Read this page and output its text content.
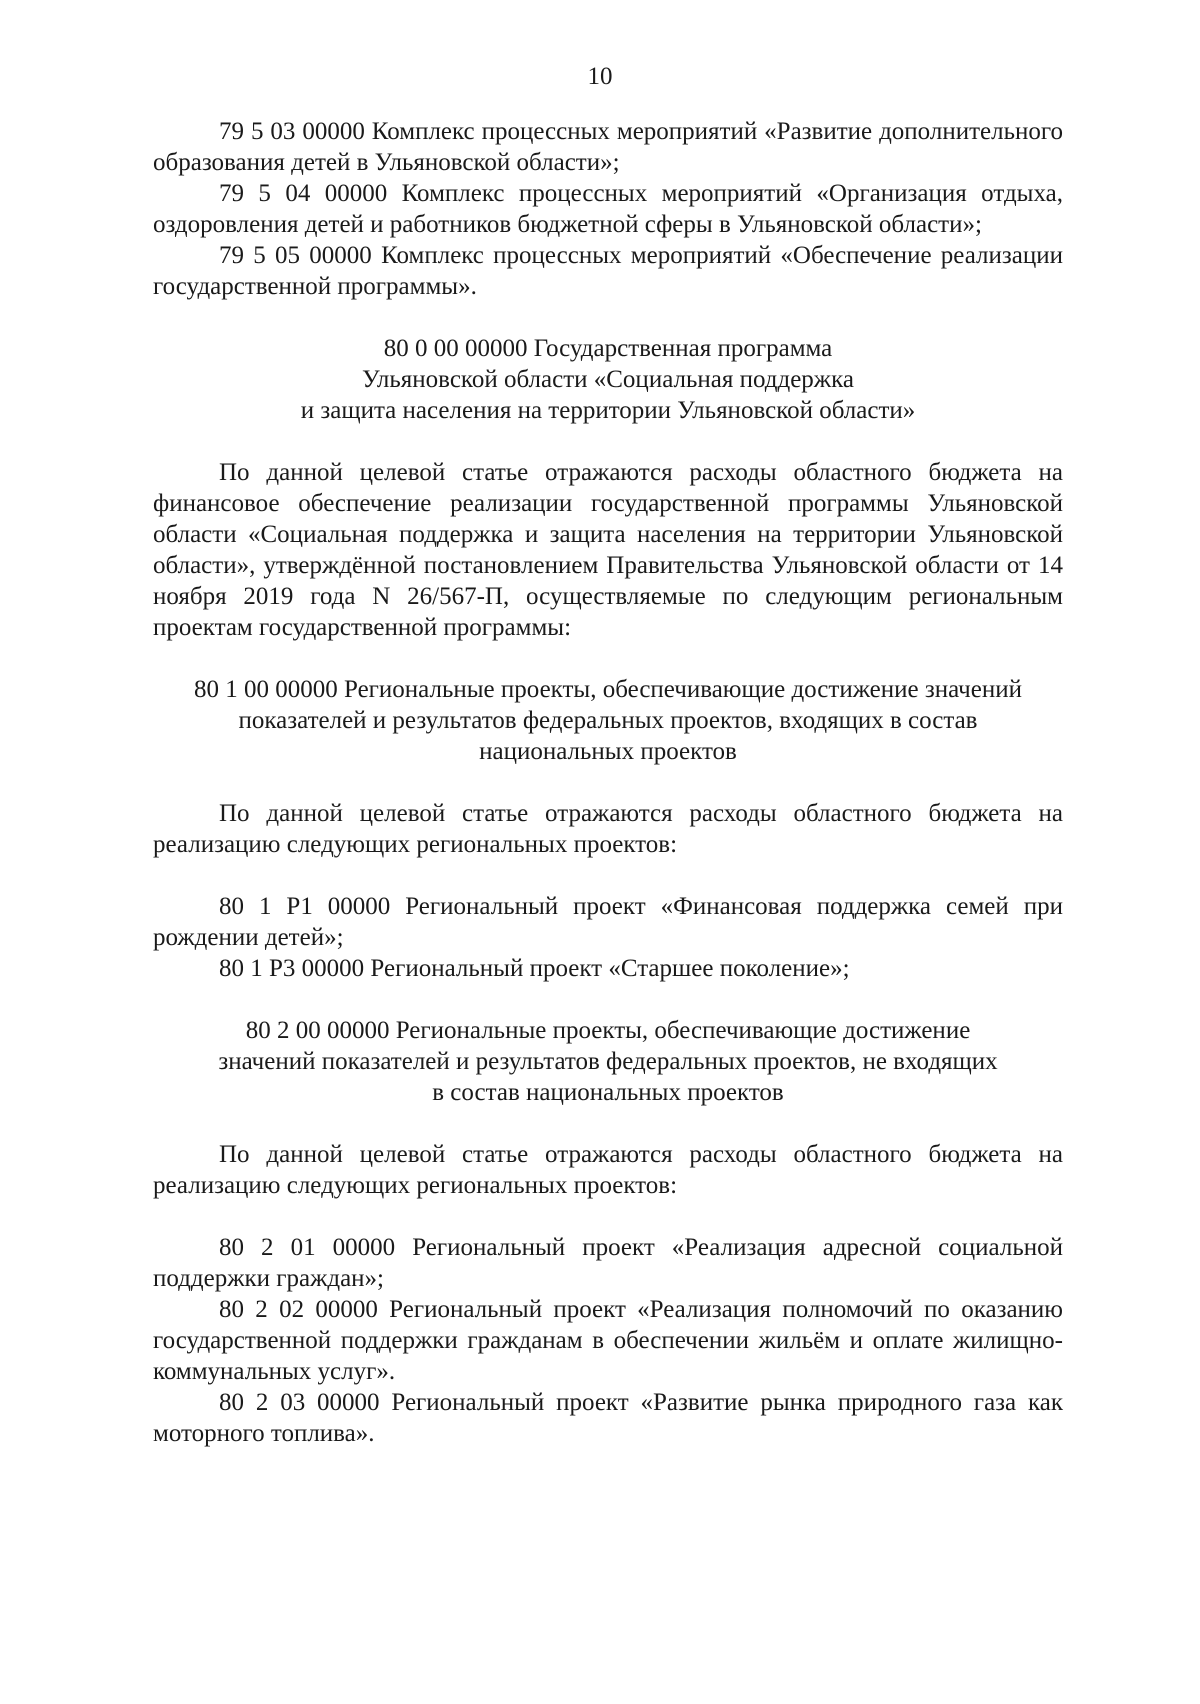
10

79 5 03 00000 Комплекс процессных мероприятий «Развитие дополнительного образования детей в Ульяновской области»;

79 5 04 00000 Комплекс процессных мероприятий «Организация отдыха, оздоровления детей и работников бюджетной сферы в Ульяновской области»;

79 5 05 00000 Комплекс процессных мероприятий «Обеспечение реализации государственной программы».

80 0 00 00000 Государственная программа
Ульяновской области «Социальная поддержка
и защита населения на территории Ульяновской области»

По данной целевой статье отражаются расходы областного бюджета на финансовое обеспечение реализации государственной программы Ульяновской области «Социальная поддержка и защита населения на территории Ульяновской области», утверждённой постановлением Правительства Ульяновской области от 14 ноября 2019 года N 26/567-П, осуществляемые по следующим региональным проектам государственной программы:

80 1 00 00000 Региональные проекты, обеспечивающие достижение значений
показателей и результатов федеральных проектов, входящих в состав
национальных проектов

По данной целевой статье отражаются расходы областного бюджета на реализацию следующих региональных проектов:

80 1 P1 00000 Региональный проект «Финансовая поддержка семей при рождении детей»;

80 1 P3 00000 Региональный проект «Старшее поколение»;

80 2 00 00000 Региональные проекты, обеспечивающие достижение
значений показателей и результатов федеральных проектов, не входящих
в состав национальных проектов

По данной целевой статье отражаются расходы областного бюджета на реализацию следующих региональных проектов:

80 2 01 00000 Региональный проект «Реализация адресной социальной поддержки граждан»;

80 2 02 00000 Региональный проект «Реализация полномочий по оказанию государственной поддержки гражданам в обеспечении жильём и оплате жилищно-коммунальных услуг».

80 2 03 00000 Региональный проект «Развитие рынка природного газа как моторного топлива».
